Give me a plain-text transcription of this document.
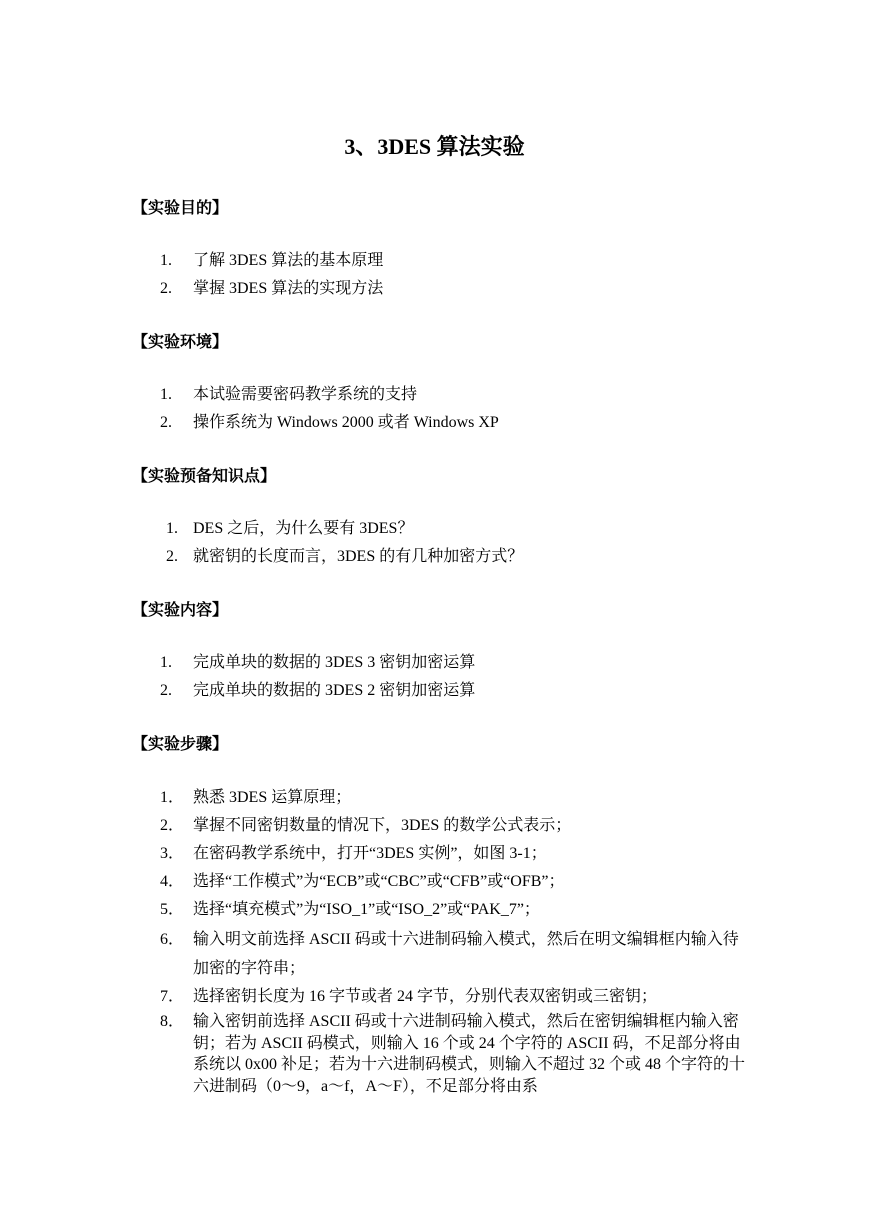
3、3DES 算法实验
【实验目的】
1.	了解 3DES 算法的基本原理
2.	掌握 3DES 算法的实现方法
【实验环境】
1.	本试验需要密码教学系统的支持
2.	操作系统为 Windows 2000 或者 Windows XP
【实验预备知识点】
1. DES 之后，为什么要有 3DES？
2. 就密钥的长度而言，3DES 的有几种加密方式？
【实验内容】
1.	完成单块的数据的 3DES 3 密钥加密运算
2.	完成单块的数据的 3DES 2 密钥加密运算
【实验步骤】
1． 熟悉 3DES 运算原理；
2． 掌握不同密钥数量的情况下，3DES 的数学公式表示；
3． 在密码教学系统中，打开“3DES 实例”，如图 3-1；
4． 选择“工作模式”为“ECB”或“CBC”或“CFB”或“OFB”；
5． 选择“填充模式”为“ISO_1”或“ISO_2”或“PAK_7”；
6． 输入明文前选择 ASCII 码或十六进制码输入模式，然后在明文编辑框内输入待加密的字符串；
7． 选择密钥长度为 16 字节或者 24 字节，分别代表双密钥或三密钥；
8． 输入密钥前选择 ASCII 码或十六进制码输入模式，然后在密钥编辑框内输入密钥；若为 ASCII 码模式，则输入 16 个或 24 个字符的 ASCII 码，不足部分将由系统以 0x00 补足；若为十六进制码模式，则输入不超过 32 个或 48 个字符的十六进制码（0～9，a～f，A～F），不足部分将由系
